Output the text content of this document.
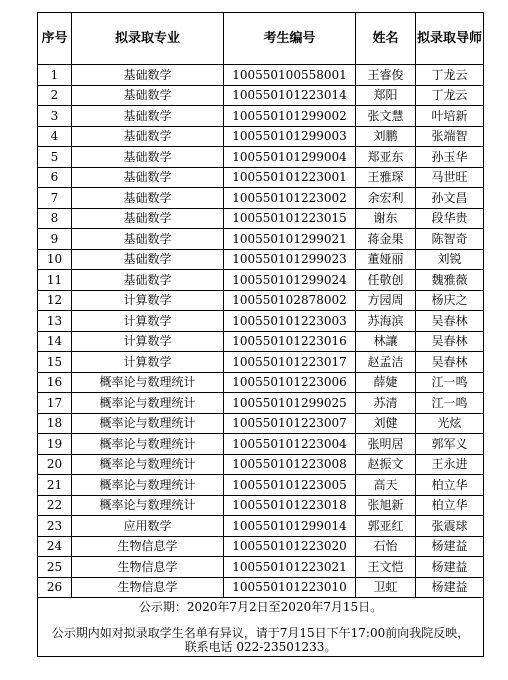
序号	拟录取专业	考生编号	姓名	拟录取导师
1	基础数学	100550100558001	王睿俊	丁龙云
2	基础数学	100550101223014	郑阳	丁龙云
3	基础数学	100550101299002	张文慧	叶培新
4	基础数学	100550101299003	刘鹏	张端智
5	基础数学	100550101299004	郑亚东	孙玉华
6	基础数学	100550101223001	王雅琛	马世旺
7	基础数学	100550101223002	余宏利	孙文昌
8	基础数学	100550101223015	谢东	段华贵
9	基础数学	100550101299021	蒋金果	陈智奇
10	基础数学	100550101299023	董娅丽	刘锐
11	基础数学	100550101299024	任敬创	魏雅薇
12	计算数学	100550102878002	方园周	杨庆之
13	计算数学	100550101223003	苏海滨	吴春林
14	计算数学	100550101223016	林讓	吴春林
15	计算数学	100550101223017	赵孟洁	吴春林
16	概率论与数理统计	100550101223006	薛婕	江一鸣
17	概率论与数理统计	100550101299025	苏清	江一鸣
18	概率论与数理统计	100550101223007	刘健	光炫
19	概率论与数理统计	100550101223004	张明居	郭军义
20	概率论与数理统计	100550101223008	赵振文	王永进
21	概率论与数理统计	100550101223005	高天	柏立华
22	概率论与数理统计	100550101223018	张旭新	柏立华
23	应用数学	100550101299014	郭亚红	张震球
24	生物信息学	100550101223020	石怡	杨建益
25	生物信息学	100550101223021	王文恺	杨建益
26	生物信息学	100550101223010	卫虹	杨建益
公示期：2020年7月2日至2020年7月15日。
公示期内如对拟录取学生名单有异议，请于7月15日下午17:00前向我院反映，
联系电话 022-23501233。				
